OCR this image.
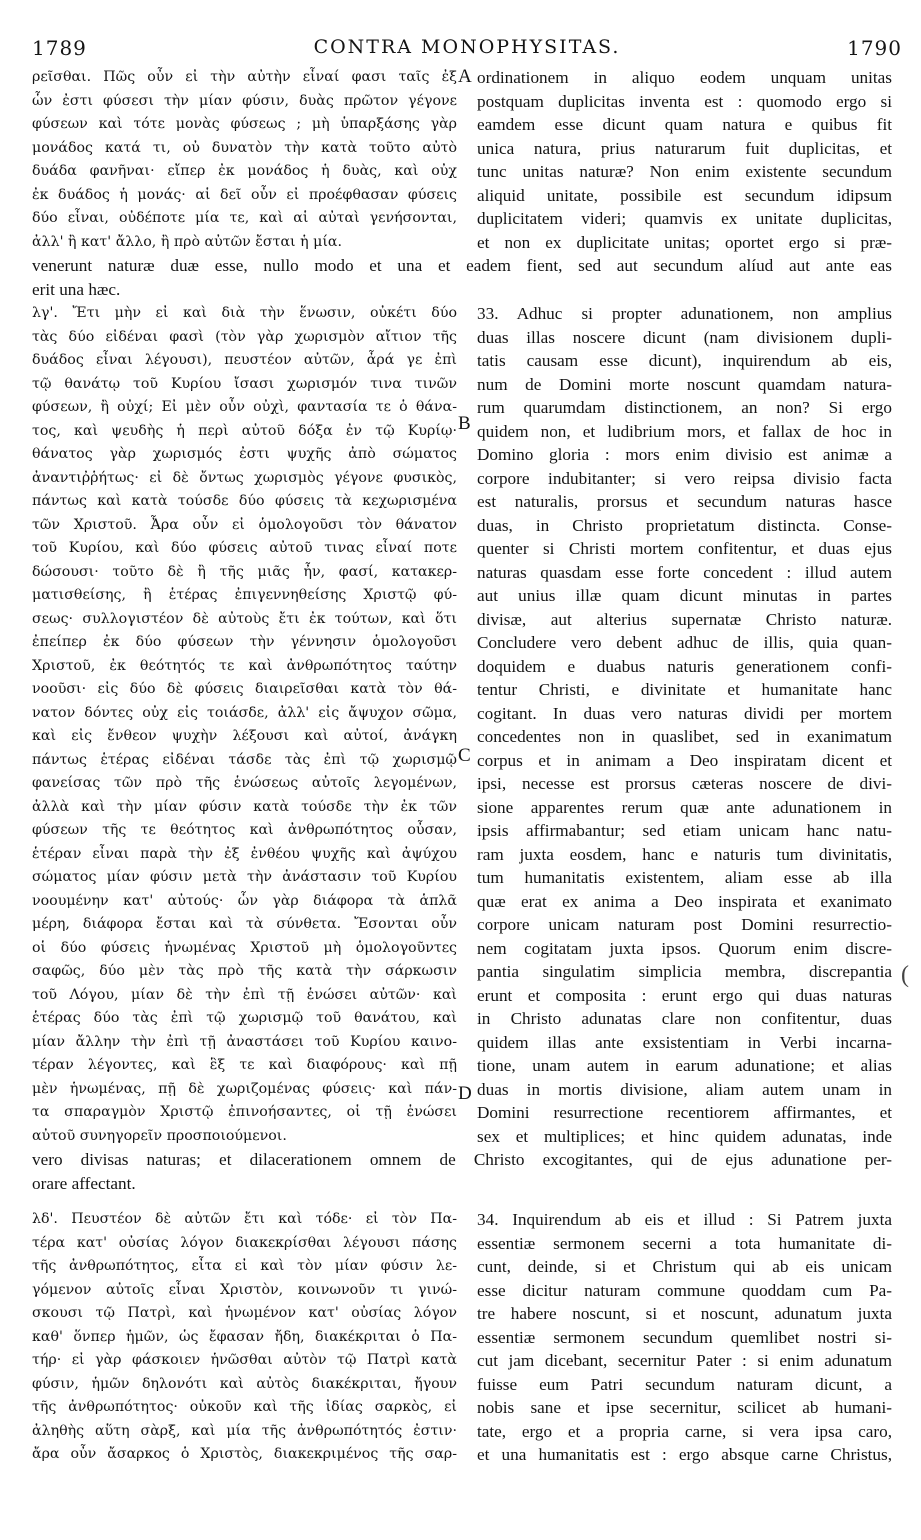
1789	CONTRA MONOPHYSITAS.	1790
ρεῖσθαι. Πῶς οὖν εἰ τὴν αὐτὴν εἶναί φασι ταῖς ἐξ
ὧν ἐστι φύσεσι τὴν μίαν φύσιν, δυὰς πρῶτον γέγονε
φύσεων καὶ τότε μονὰς φύσεως ; μὴ ὑπαρξάσης γὰρ
μονάδος κατά τι, οὐ δυνατὸν τὴν κατὰ τοῦτο αὐτὸ
δυάδα φανῆναι· εἴπερ ἐκ μονάδος ἡ δυὰς, καὶ οὐχ
ἐκ δυάδος ἡ μονάς· αἱ δεῖ οὖν εἰ προέφθασαν φύσεις
δύο εἶναι, οὐδέποτε μία τε, καὶ αἱ αὐταὶ γενήσονται,
ἀλλ' ἢ κατ' ἄλλο, ἢ πρὸ αὐτῶν ἔσται ἡ μία.
ordinationem in aliquo eodem unquam unitas
postquam duplicitas inventa est : quomodo ergo si
eamdem esse dicunt quam natura e quibus fit
unica natura, prius naturarum fuit duplicitas, et
tunc unitas naturæ? Non enim existente secundum
aliquid unitate, possibile est secundum idipsum
duplicitatem videri; quamvis ex unitate duplicitas,
et non ex duplicitate unitas; oportet ergo si præ-
venerunt naturæ duæ esse, nullo modo et una et eadem fient, sed aut secundum alíud aut ante eas
erit una hæc.
λγ'. Ἔτι μὴν εἰ καὶ διὰ τὴν ἕνωσιν, οὐκέτι δύο
τὰς δύο εἰδέναι φασὶ (τὸν γὰρ χωρισμὸν αἴτιον τῆς
δυάδος εἶναι λέγουσι), πευστέον αὐτῶν, ἆρά γε ἐπὶ
τῷ θανάτῳ τοῦ Κυρίου ἴσασι χωρισμόν τινα τινῶν
φύσεων, ἢ οὐχί; Εἰ μὲν οὖν οὐχὶ, φαντασία τε ὁ θάνα-
τος, καὶ ψευδὴς ἡ περὶ αὐτοῦ δόξα ἐν τῷ Κυρίῳ·
θάνατος γὰρ χωρισμός ἐστι ψυχῆς ἀπὸ σώματος
ἀναντιῤῥήτως· εἰ δὲ ὄντως χωρισμὸς γέγονε φυσικὸς,
πάντως καὶ κατὰ τούσδε δύο φύσεις τὰ κεχωρισμένα
τῶν Χριστοῦ. Ἆρα οὖν εἰ ὁμολογοῦσι τὸν θάνατον
τοῦ Κυρίου, καὶ δύο φύσεις αὐτοῦ τινας εἶναί ποτε
δώσουσι· τοῦτο δὲ ἢ τῆς μιᾶς ἦν, φασί, κατακερ-
ματισθείσης, ἢ ἑτέρας ἐπιγεννηθείσης Χριστῷ φύ-
σεως· συλλογιστέον δὲ αὐτοὺς ἔτι ἐκ τούτων, καὶ ὅτι
ἐπείπερ ἐκ δύο φύσεων τὴν γέννησιν ὁμολογοῦσι
Χριστοῦ, ἐκ θεότητός τε καὶ ἀνθρωπότητος ταύτην
νοοῦσι· εἰς δύο δὲ φύσεις διαιρεῖσθαι κατὰ τὸν θά-
νατον δόντες οὐχ εἰς τοιάσδε, ἀλλ' εἰς ἄψυχον σῶμα,
καὶ εἰς ἔνθεον ψυχὴν λέξουσι καὶ αὐτοί, ἀνάγκη
πάντως ἑτέρας εἰδέναι τάσδε τὰς ἐπὶ τῷ χωρισμῷ
φανείσας τῶν πρὸ τῆς ἑνώσεως αὐτοῖς λεγομένων,
ἀλλὰ καὶ τὴν μίαν φύσιν κατὰ τούσδε τὴν ἐκ τῶν
φύσεων τῆς τε θεότητος καὶ ἀνθρωπότητος οὖσαν,
ἑτέραν εἶναι παρὰ τὴν ἐξ ἐνθέου ψυχῆς καὶ ἀψύχου
σώματος μίαν φύσιν μετὰ τὴν ἀνάστασιν τοῦ Κυρίου
νοουμένην κατ' αὐτούς· ὧν γὰρ διάφορα τὰ ἁπλᾶ
μέρη, διάφορα ἔσται καὶ τὰ σύνθετα. Ἔσονται οὖν
οἱ δύο φύσεις ἡνωμένας Χριστοῦ μὴ ὁμολογοῦντες
σαφῶς, δύο μὲν τὰς πρὸ τῆς κατὰ τὴν σάρκωσιν
τοῦ Λόγου, μίαν δὲ τὴν ἐπὶ τῇ ἑνώσει αὐτῶν· καὶ
ἑτέρας δύο τὰς ἐπὶ τῷ χωρισμῷ τοῦ θανάτου, καὶ
μίαν ἄλλην τὴν ἐπὶ τῇ ἀναστάσει τοῦ Κυρίου καινο-
τέραν λέγοντες, καὶ ἓξ τε καὶ διαφόρους· καὶ πῇ
μὲν ἡνωμένας, πῇ δὲ χωριζομένας φύσεις· καὶ πάν-
τα σπαραγμὸν Χριστῷ ἐπινοήσαντες, οἱ τῇ ἑνώσει
αὐτοῦ συνηγορεῖν προσποιούμενοι.
33. Adhuc si propter adunationem, non amplius
duas illas noscere dicunt (nam divisionem dupli-
tatis causam esse dicunt), inquirendum ab eis,
num de Domini morte noscunt quamdam natura-
rum quarumdam distinctionem, an non? Si ergo
quidem non, et ludibrium mors, et fallax de hoc in
Domino gloria : mors enim divisio est animæ a
corpore indubitanter; si vero reipsa divisio facta
est naturalis, prorsus et secundum naturas hasce
duas, in Christo proprietatum distincta. Conse-
quenter si Christi mortem confitentur, et duas ejus
naturas quasdam esse forte concedent : illud autem
aut unius illæ quam dicunt minutas in partes
divisæ, aut alterius supernatæ Christo naturæ.
Concludere vero debent adhuc de illis, quia quan-
doquidem e duabus naturis generationem confi-
tentur Christi, e divinitate et humanitate hanc
cogitant. In duas vero naturas dividi per mortem
concedentes non in quaslibet, sed in exanimatum
corpus et in animam a Deo inspiratam dicent et
ipsi, necesse est prorsus cæteras noscere de divi-
sione apparentes rerum quæ ante adunationem in
ipsis affirmabantur; sed etiam unicam hanc natu-
ram juxta eosdem, hanc e naturis tum divinitatis,
tum humanitatis existentem, aliam esse ab illa
quæ erat ex anima a Deo inspirata et exanimato
corpore unicam naturam post Domini resurrectio-
nem cogitatam juxta ipsos. Quorum enim discre-
pantia singulatim simplicia membra, discrepantia
erunt et composita : erunt ergo qui duas naturas
in Christo adunatas clare non confitentur, duas
quidem illas ante exsistentiam in Verbi incarna-
tione, unam autem in earum adunatione; et alias
duas in mortis divisione, aliam autem unam in
Domini resurrectione recentiorem affirmantes, et
sex et multiplices; et hinc quidem adunatas, inde
vero divisas naturas; et dilacerationem omnem de Christo excogitantes, qui de ejus adunatione per-
orare affectant.
λδ'. Πευστέον δὲ αὐτῶν ἔτι καὶ τόδε· εἰ τὸν Πα-
τέρα κατ' οὐσίας λόγον διακεκρίσθαι λέγουσι πάσης
τῆς ἀνθρωπότητος, εἶτα εἰ καὶ τὸν μίαν φύσιν λε-
γόμενον αὐτοῖς εἶναι Χριστὸν, κοινωνοῦν τι γινώ-
σκουσι τῷ Πατρὶ, καὶ ἡνωμένον κατ' οὐσίας λόγον
καθ' ὅνπερ ἡμῶν, ὡς ἔφασαν ἤδη, διακέκριται ὁ Πα-
τήρ· εἰ γὰρ φάσκοιεν ἡνῶσθαι αὐτὸν τῷ Πατρὶ κατὰ
φύσιν, ἡμῶν δηλονότι καὶ αὐτὸς διακέκριται, ἤγουν
τῆς ἀνθρωπότητος· οὐκοῦν καὶ τῆς ἰδίας σαρκὸς, εἰ
ἀληθὴς αὕτη σὰρξ, καὶ μία τῆς ἀνθρωπότητός ἐστιν·
ἄρα οὖν ἄσαρκος ὁ Χριστὸς, διακεκριμένος τῆς σαρ-
34. Inquirendum ab eis et illud : Si Patrem juxta
essentiæ sermonem secerni a tota humanitate di-
cunt, deinde, si et Christum qui ab eis unicam
esse dicitur naturam commune quoddam cum Pa-
tre habere noscunt, si et noscunt, adunatum juxta
essentiæ sermonem secundum quemlibet nostri si-
cut jam dicebant, secernitur Pater : si enim adunatum
fuisse eum Patri secundum naturam dicunt, a
nobis sane et ipse secernitur, scilicet ab humani-
tate, ergo et a propria carne, si vera ipsa caro,
et una humanitatis est : ergo absque carne Christus,
A
B
C
D
(
